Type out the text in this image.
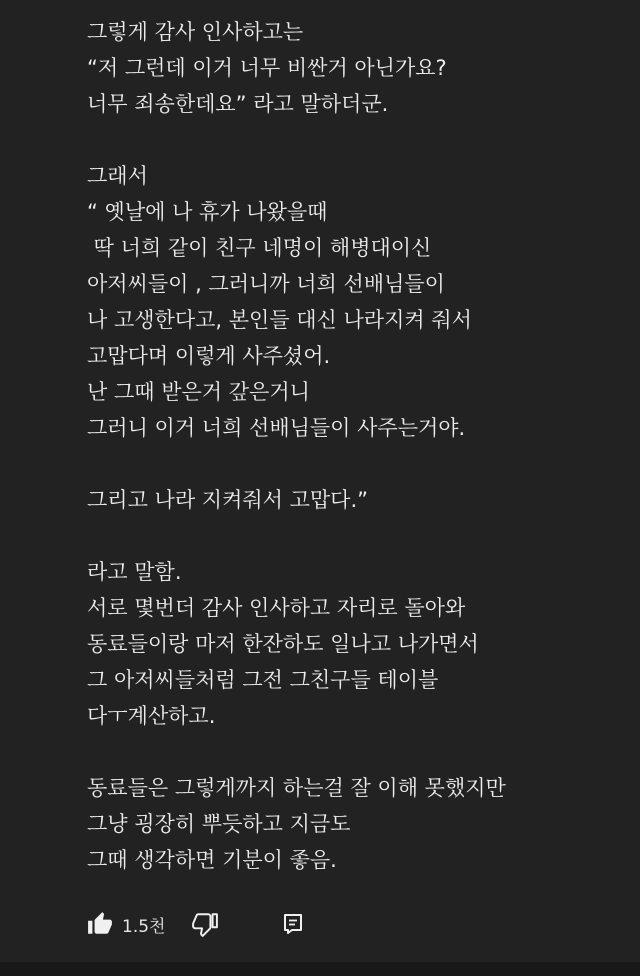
그렇게 감사 인사하고는
“저 그런데 이거 너무 비싼거 아닌가요?
너무 죄송한데요” 라고 말하더군.
그래서
“ 옛날에 나 휴가 나왔을때
딱 너희 같이 친구 네명이 해병대이신
아저씨들이 , 그러니까 너희 선배님들이
나 고생한다고, 본인들 대신 나라지켜 줘서
고맙다며 이렇게 사주셨어.
난 그때 받은거 갚은거니
그러니 이거 너희 선배님들이 사주는거야.
그리고 나라 지켜줘서 고맙다.”
라고 말함.
서로 몇번더 감사 인사하고 자리로 돌아와
동료들이랑 마저 한잔하도 일나고 나가면서
그 아저씨들처럼 그전 그친구들 테이블
다ㅜ계산하고.
동료들은 그렇게까지 하는걸 잘 이해 못했지만
그냥 굉장히 뿌듯하고 지금도
그때 생각하면 기분이 좋음.
1.5천
